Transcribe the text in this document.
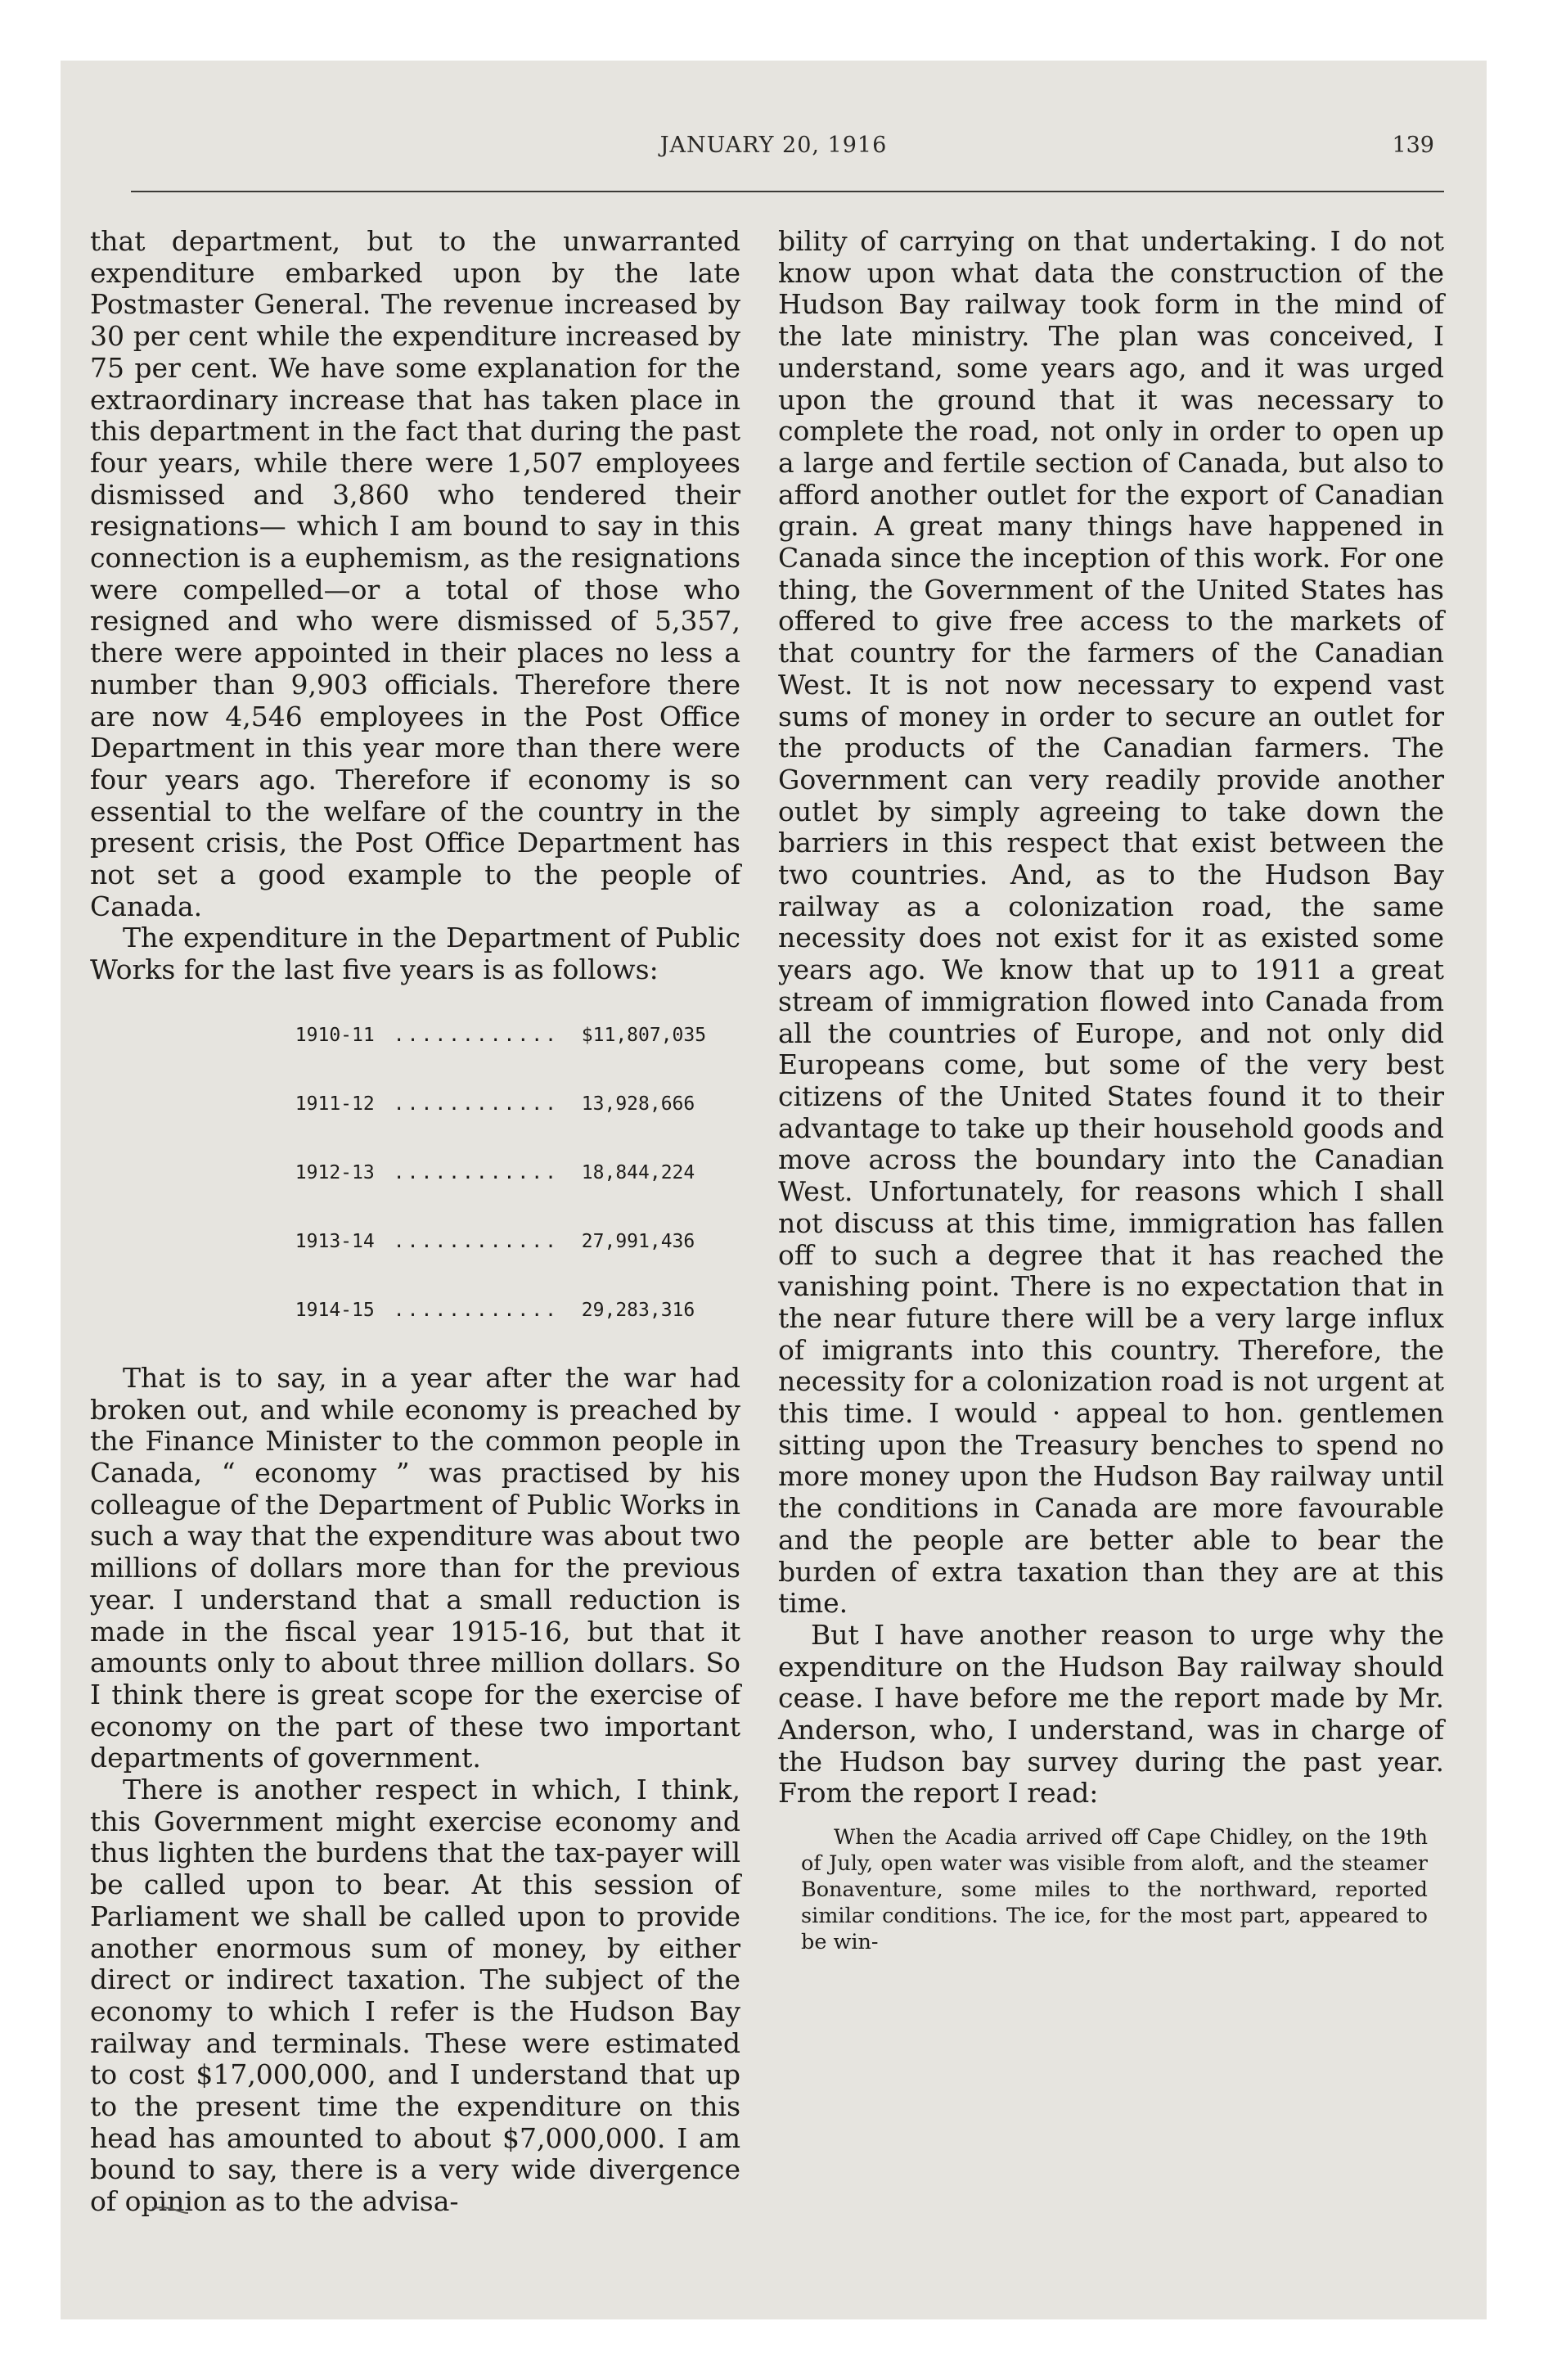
JANUARY 20, 1916	139

that department, but to the unwarranted expenditure embarked upon by the late Postmaster General. The revenue increased by 30 per cent while the expenditure increased by 75 per cent. We have some explanation for the extraordinary increase that has taken place in this department in the fact that during the past four years, while there were 1,507 employees dismissed and 3,860 who tendered their resignations— which I am bound to say in this connection is a euphemism, as the resignations were compelled—or a total of those who resigned and who were dismissed of 5,357, there were appointed in their places no less a number than 9,903 officials. Therefore there are now 4,546 employees in the Post Office Department in this year more than there were four years ago. Therefore if economy is so essential to the welfare of the country in the present crisis, the Post Office Department has not set a good example to the people of Canada.

The expenditure in the Department of Public Works for the last five years is as follows:

1910-11 ............ $11,807,035

1911-12 ............ 13,928,666

1912-13 ............ 18,844,224

1913-14 ............ 27,991,436

1914-15 ............ 29,283,316

That is to say, in a year after the war had broken out, and while economy is preached by the Finance Minister to the common people in Canada, “ economy ” was practised by his colleague of the Department of Public Works in such a way that the expenditure was about two millions of dollars more than for the previous year. I understand that a small reduction is made in the fiscal year 1915-16, but that it amounts only to about three million dollars. So I think there is great scope for the exercise of economy on the part of these two important departments of government.

There is another respect in which, I think, this Government might exercise economy and thus lighten the burdens that the tax-payer will be called upon to bear. At this session of Parliament we shall be called upon to provide another enormous sum of money, by either direct or indirect taxation. The subject of the economy to which I refer is the Hudson Bay railway and terminals. These were estimated to cost $17,000,000, and I understand that up to the present time the expenditure on this head has amounted to about $7,000,000. I am bound to say, there is a very wide divergence of opinion as to the advisa-

bility of carrying on that undertaking. I do not know upon what data the construction of the Hudson Bay railway took form in the mind of the late ministry. The plan was conceived, I understand, some years ago, and it was urged upon the ground that it was necessary to complete the road, not only in order to open up a large and fertile section of Canada, but also to afford another outlet for the export of Canadian grain. A great many things have happened in Canada since the inception of this work. For one thing, the Government of the United States has offered to give free access to the markets of that country for the farmers of the Canadian West. It is not now necessary to expend vast sums of money in order to secure an outlet for the products of the Canadian farmers. The Government can very readily provide another outlet by simply agreeing to take down the barriers in this respect that exist between the two countries. And, as to the Hudson Bay railway as a colonization road, the same necessity does not exist for it as existed some years ago. We know that up to 1911 a great stream of immigration flowed into Canada from all the countries of Europe, and not only did Europeans come, but some of the very best citizens of the United States found it to their advantage to take up their household goods and move across the boundary into the Canadian West. Unfortunately, for reasons which I shall not discuss at this time, immigration has fallen off to such a degree that it has reached the vanishing point. There is no expectation that in the near future there will be a very large influx of imigrants into this country. Therefore, the necessity for a colonization road is not urgent at this time. I would · appeal to hon. gentlemen sitting upon the Treasury benches to spend no more money upon the Hudson Bay railway until the conditions in Canada are more favourable and the people are better able to bear the burden of extra taxation than they are at this time.

But I have another reason to urge why the expenditure on the Hudson Bay railway should cease. I have before me the report made by Mr. Anderson, who, I understand, was in charge of the Hudson bay survey during the past year. From the report I read:

When the Acadia arrived off Cape Chidley, on the 19th of July, open water was visible from aloft, and the steamer Bonaventure, some miles to the northward, reported similar conditions. The ice, for the most part, appeared to be win-
